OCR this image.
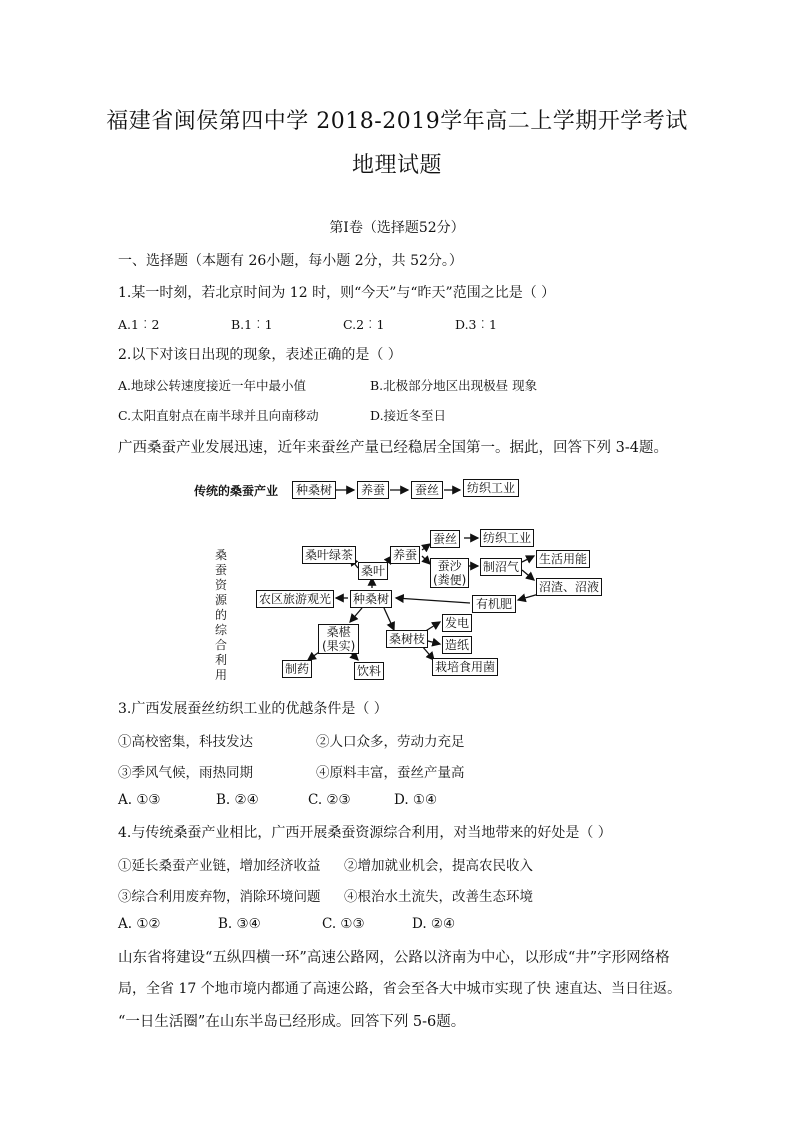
福建省闽侯第四中学 2018-2019学年高二上学期开学考试
地理试题
第Ⅰ卷（选择题52分）
一、选择题（本题有 26小题，每小题 2分，共 52分。）
1.某一时刻，若北京时间为 12 时，则“今天”与“昨天”范围之比是（ ）
A.1︰2	B.1︰1	C.2︰1	D.3︰1
2.以下对该日出现的现象，表述正确的是（ ）
A.地球公转速度接近一年中最小值	B.北极部分地区出现极昼 现象
C.太阳直射点在南半球并且向南移动	D.接近冬至日
广西桑蚕产业发展迅速，近年来蚕丝产量已经稳居全国第一。据此，回答下列 3-4题。
传统的桑蚕产业	种桑树	养蚕	蚕丝	纺织工业
桑蚕资源的综合利用
桑叶绿茶
桑叶
养蚕
蚕丝 纺织工业
蚕沙
(粪便)
制沼气
生活用能
沼渣、沼液
有机肥
农区旅游观光 种桑树
桑椹
(果实)	桑树枝
发电
造纸
栽培食用菌
制药	饮料
3.广西发展蚕丝纺织工业的优越条件是（ ）
①高校密集，科技发达	②人口众多，劳动力充足
③季风气候，雨热同期	④原料丰富，蚕丝产量高
A. ①③	B. ②④	C. ②③	D. ①④
4.与传统桑蚕产业相比，广西开展桑蚕资源综合利用，对当地带来的好处是（ ）
①延长桑蚕产业链，增加经济收益 ②增加就业机会，提高农民收入
③综合利用废弃物，消除环境问题 ④根治水土流失，改善生态环境
A. ①②	B. ③④	C. ①③	D. ②④
山东省将建设“五纵四横一环”高速公路网，公路以济南为中心，以形成“井”字形网络格
局，全省 17 个地市境内都通了高速公路，省会至各大中城市实现了快 速直达、当日往返。
“一日生活圈”在山东半岛已经形成。回答下列 5-6题。
